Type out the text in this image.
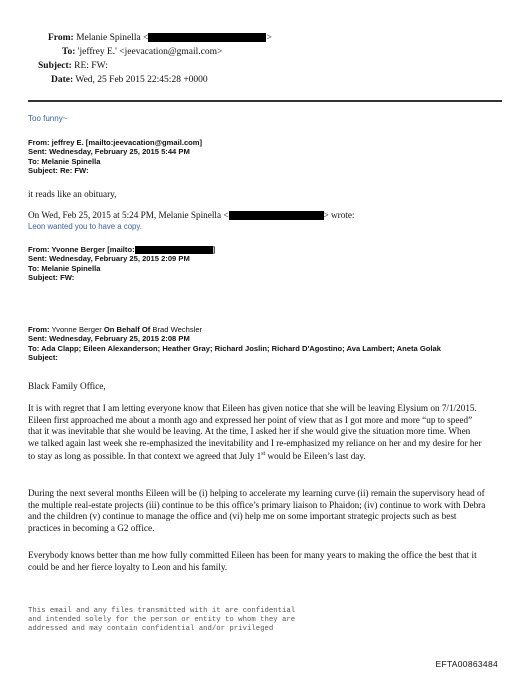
From: Melanie Spinella <	>
To: 'jeffrey E.' <jeevacation@gmail.com>
Subject: RE: FW:
Date: Wed, 25 Feb 2015 22:45:28 +0000
Too funny~
From: jeffrey E. [mailto:jeevacation@gmail.com]
Sent: Wednesday, February 25, 2015 5:44 PM
To: Melanie Spinella
Subject: Re: FW:
it reads like an obituary,
On Wed, Feb 25, 2015 at 5:24 PM, Melanie Spinella <	> wrote:
Leon wanted you to have a copy.
From: Yvonne Berger [mailto:	]
Sent: Wednesday, February 25, 2015 2:09 PM
To: Melanie Spinella
Subject: FW:
From: Yvonne Berger On Behalf Of Brad Wechsler
Sent: Wednesday, February 25, 2015 2:08 PM
To: Ada Clapp; Eileen Alexanderson; Heather Gray; Richard Joslin; Richard D'Agostino; Ava Lambert; Aneta Golak
Subject:
Black Family Office,
It is with regret that I am letting everyone know that Eileen has given notice that she will be leaving Elysium on 7/1/2015. Eileen first approached me about a month ago and expressed her point of view that as I got more and more “up to speed” that it was inevitable that she would be leaving. At the time, I asked her if she would give the situation more time. When we talked again last week she re-emphasized the inevitability and I re-emphasized my reliance on her and my desire for her to stay as long as possible. In that context we agreed that July 1st would be Eileen’s last day.
During the next several months Eileen will be (i) helping to accelerate my learning curve (ii) remain the supervisory head of the multiple real-estate projects (iii) continue to be this office’s primary liaison to Phaidon; (iv) continue to work with Debra and the children (v) continue to manage the office and (vi) help me on some important strategic projects such as best practices in becoming a G2 office.
Everybody knows better than me how fully committed Eileen has been for many years to making the office the best that it could be and her fierce loyalty to Leon and his family.
This email and any files transmitted with it are confidential
and intended solely for the person or entity to whom they are
addressed and may contain confidential and/or privileged
EFTA00863484
